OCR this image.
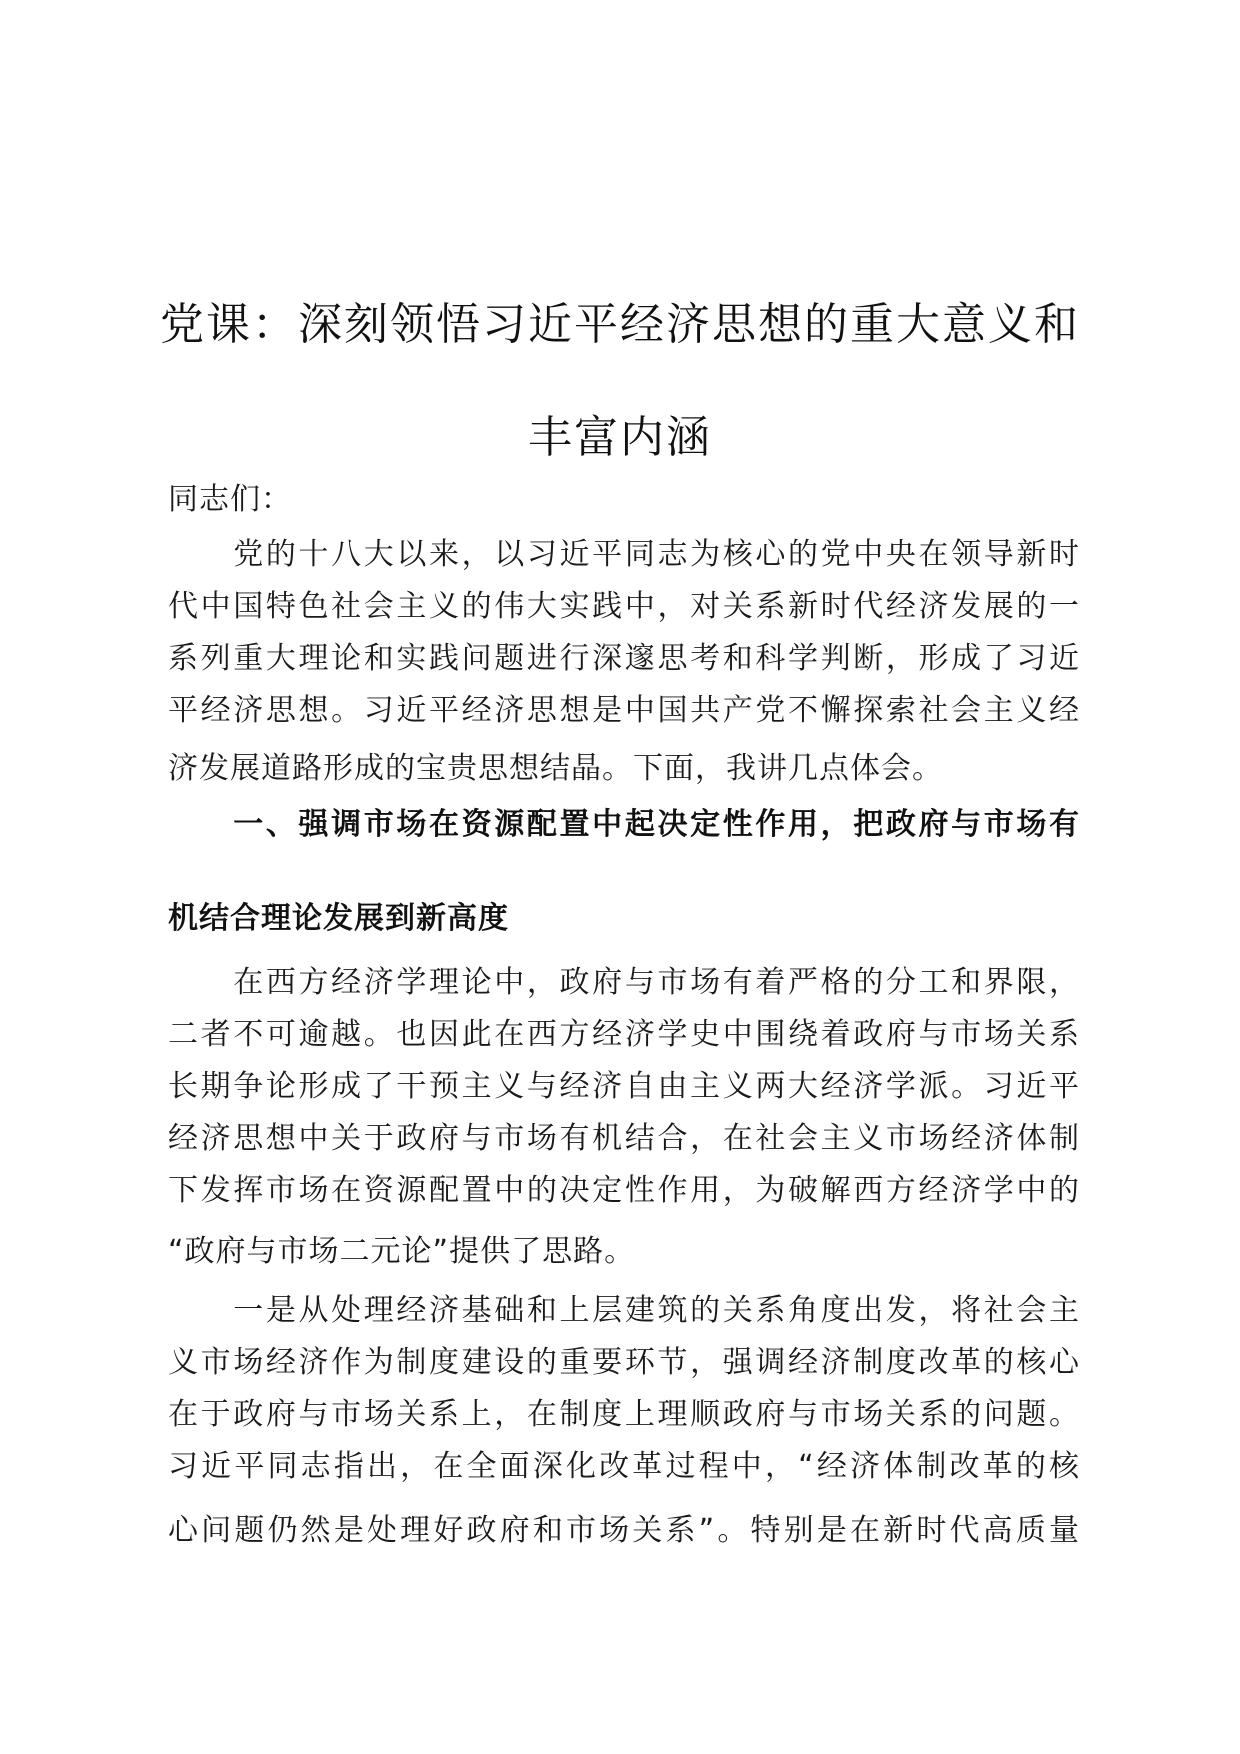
党课：深刻领悟习近平经济思想的重大意义和
丰富内涵
同志们：
　　党的十八大以来，以习近平同志为核心的党中央在领导新时
代中国特色社会主义的伟大实践中，对关系新时代经济发展的一
系列重大理论和实践问题进行深邃思考和科学判断，形成了习近
平经济思想。习近平经济思想是中国共产党不懈探索社会主义经
济发展道路形成的宝贵思想结晶。下面，我讲几点体会。
　　一、强调市场在资源配置中起决定性作用，把政府与市场有
机结合理论发展到新高度
　　在西方经济学理论中，政府与市场有着严格的分工和界限，
二者不可逾越。也因此在西方经济学史中围绕着政府与市场关系
长期争论形成了干预主义与经济自由主义两大经济学派。习近平
经济思想中关于政府与市场有机结合，在社会主义市场经济体制
下发挥市场在资源配置中的决定性作用，为破解西方经济学中的
“政府与市场二元论”提供了思路。
　　一是从处理经济基础和上层建筑的关系角度出发，将社会主
义市场经济作为制度建设的重要环节，强调经济制度改革的核心
在于政府与市场关系上，在制度上理顺政府与市场关系的问题。
习近平同志指出，在全面深化改革过程中，“经济体制改革的核
心问题仍然是处理好政府和市场关系”。特别是在新时代高质量
